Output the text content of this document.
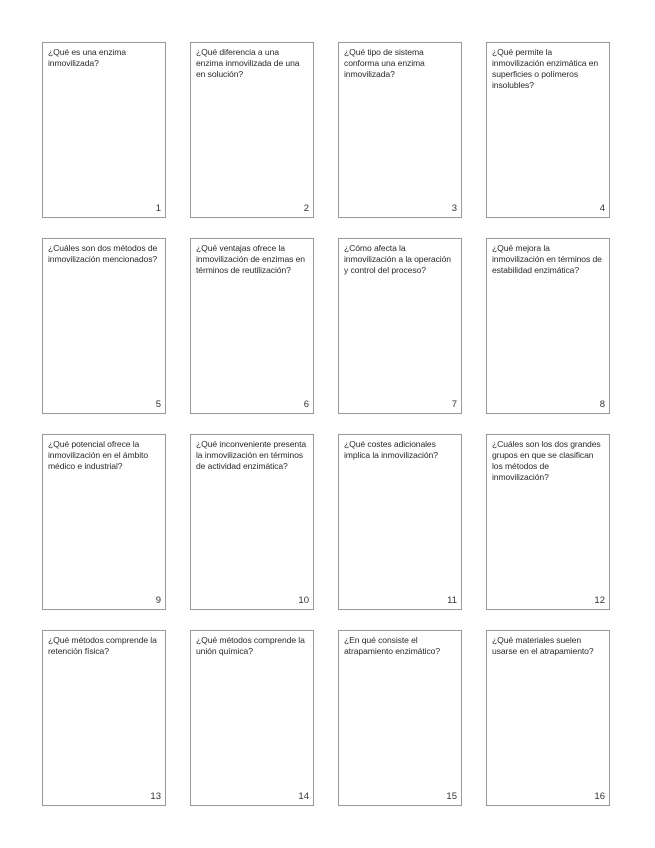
¿Qué es una enzima inmovilizada?
1
¿Qué diferencia a una enzima inmovilizada de una en solución?
2
¿Qué tipo de sistema conforma una enzima inmovilizada?
3
¿Qué permite la inmovilización enzimática en superficies o polímeros insolubles?
4
¿Cuáles son dos métodos de inmovilización mencionados?
5
¿Qué ventajas ofrece la inmovilización de enzimas en términos de reutilización?
6
¿Cómo afecta la inmovilización a la operación y control del proceso?
7
¿Qué mejora la inmovilización en términos de estabilidad enzimática?
8
¿Qué potencial ofrece la inmovilización en el ámbito médico e industrial?
9
¿Qué inconveniente presenta la inmovilización en términos de actividad enzimática?
10
¿Qué costes adicionales implica la inmovilización?
11
¿Cuáles son los dos grandes grupos en que se clasifican los métodos de inmovilización?
12
¿Qué métodos comprende la retención física?
13
¿Qué métodos comprende la unión química?
14
¿En qué consiste el atrapamiento enzimático?
15
¿Qué materiales suelen usarse en el atrapamiento?
16
